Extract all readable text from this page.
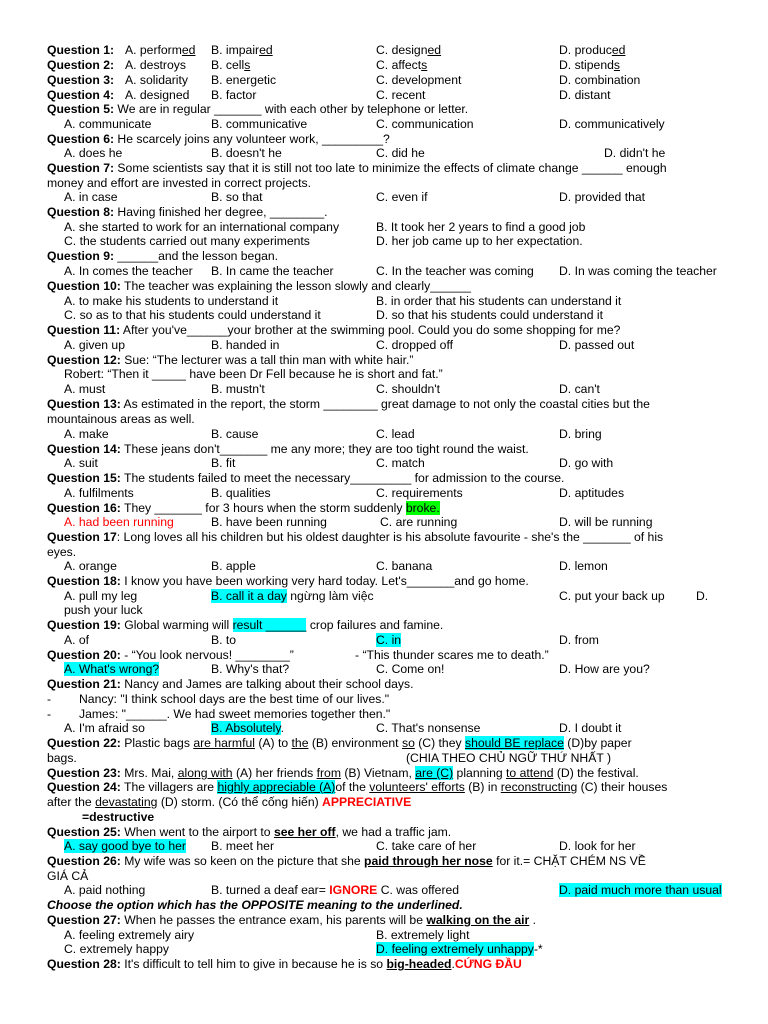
Question 1: A. performed B. impaired	C. designed	D. produced
Question 2: A. destroys B. cells	C. affects	D. stipends
Question 3: A. solidarity B. energetic	C. development	D. combination
Question 4: A. designed B. factor	C. recent	D. distant
Question 5: We are in regular _______ with each other by telephone or letter.
A. communicate	B. communicative	C. communication	D. communicatively
Question 6: He scarcely joins any volunteer work, _________?
A. does he	B. doesn't he	C. did he	D. didn't he
Question 7: Some scientists say that it is still not too late to minimize the effects of climate change ______ enough
money and effort are invested in correct projects.
A. in case	B. so that	C. even if	D. provided that
Question 8: Having finished her degree, ________.
A. she started to work for an international company	B. It took her 2 years to find a good job
C. the students carried out many experiments	D. her job came up to her expectation.
Question 9: ______and the lesson began.
A. In comes the teacher B. In came the teacher	C. In the teacher was coming D. In was coming the teacher
Question 10: The teacher was explaining the lesson slowly and clearly______
A. to make his students to understand it	B. in order that his students can understand it
C. so as to that his students could understand it	D. so that his students could understand it
Question 11: After you've______your brother at the swimming pool. Could you do some shopping for me?
A. given up	B. handed in	C. dropped off	D. passed out
Question 12: Sue: “The lecturer was a tall thin man with white hair.”
Robert: “Then it _____ have been Dr Fell because he is short and fat.”
A. must	B. mustn't	C. shouldn't	D. can't
Question 13: As estimated in the report, the storm ________ great damage to not only the coastal cities but the
mountainous areas as well.
A. make	B. cause	C. lead	D. bring
Question 14: These jeans don't_______ me any more; they are too tight round the waist.
A. suit	B. fit	C. match	D. go with
Question 15: The students failed to meet the necessary_________ for admission to the course.
A. fulfilments	B. qualities	C. requirements	D. aptitudes
Question 16: They _______ for 3 hours when the storm suddenly broke.
A. had been running	B. have been running	C. are running	D. will be running
Question 17: Long loves all his children but his oldest daughter is his absolute favourite - she's the _______ of his
eyes.
A. orange	B. apple	C. banana	D. lemon
Question 18: I know you have been working very hard today. Let's_______and go home.
A. pull my leg	B. call it a day ngừng làm việc	C. put your back up	D.
push your luck
Question 19: Global warming will result ______ crop failures and famine.
A. of	B. to	C. in	D. from
Question 20: - “You look nervous! ________”	- “This thunder scares me to death.”
A. What's wrong?	B. Why's that?	C. Come on!	D. How are you?
Question 21: Nancy and James are talking about their school days.
- Nancy: "I think school days are the best time of our lives."
- James: "______. We had sweet memories together then."
A. I'm afraid so	B. Absolutely.	C. That's nonsense	D. I doubt it
Question 22: Plastic bags are harmful (A) to the (B) environment so (C) they should BE replace (D)by paper
bags.	(CHIA THEO CHỦ NGỮ THỨ NHẤT )
Question 23: Mrs. Mai, along with (A) her friends from (B) Vietnam, are (C) planning to attend (D) the festival.
Question 24: The villagers are highly appreciable (A)of the volunteers' efforts (B) in reconstructing (C) their houses
after the devastating (D) storm. (Có thể cống hiến) APPRECIATIVE
=destructive
Question 25: When went to the airport to see her off, we had a traffic jam.
A. say good bye to her B. meet her	C. take care of her	D. look for her
Question 26: My wife was so keen on the picture that she paid through her nose for it.= CHẶT CHÉM NS VỀ
GIÁ CẢ
A. paid nothing	B. turned a deaf ear= IGNORE C. was offered	D. paid much more than usual
Choose the option which has the OPPOSITE meaning to the underlined.
Question 27: When he passes the entrance exam, his parents will be walking on the air .
A. feeling extremely airy	B. extremely light
C. extremely happy	D. feeling extremely unhappy-*
Question 28: It's difficult to tell him to give in because he is so big-headed.CỨNG ĐẦU
